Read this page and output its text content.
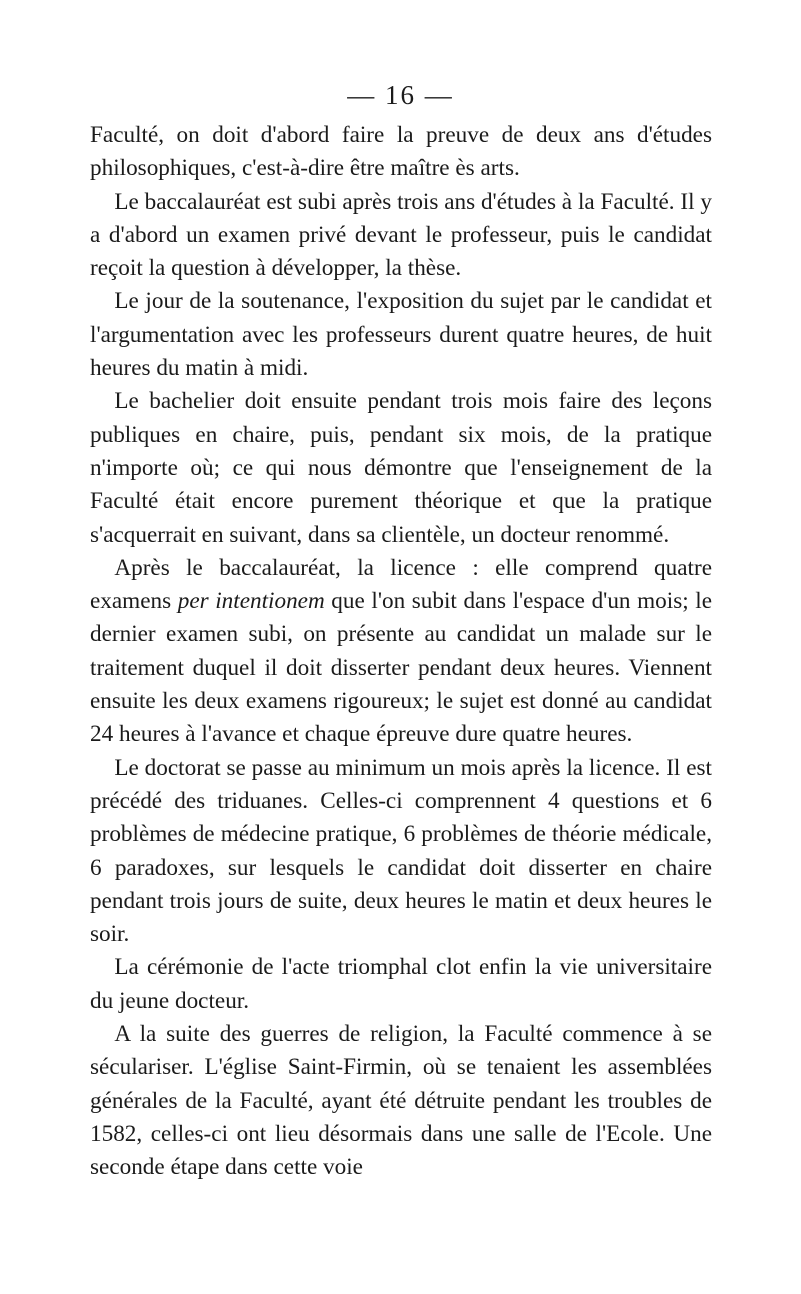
— 16 —

Faculté, on doit d'abord faire la preuve de deux ans d'études philosophiques, c'est-à-dire être maître ès arts.

Le baccalauréat est subi après trois ans d'études à la Faculté. Il y a d'abord un examen privé devant le professeur, puis le candidat reçoit la question à développer, la thèse.

Le jour de la soutenance, l'exposition du sujet par le candidat et l'argumentation avec les professeurs durent quatre heures, de huit heures du matin à midi.

Le bachelier doit ensuite pendant trois mois faire des leçons publiques en chaire, puis, pendant six mois, de la pratique n'importe où; ce qui nous démontre que l'enseignement de la Faculté était encore purement théorique et que la pratique s'acquerrait en suivant, dans sa clientèle, un docteur renommé.

Après le baccalauréat, la licence : elle comprend quatre examens per intentionem que l'on subit dans l'espace d'un mois; le dernier examen subi, on présente au candidat un malade sur le traitement duquel il doit disserter pendant deux heures. Viennent ensuite les deux examens rigoureux; le sujet est donné au candidat 24 heures à l'avance et chaque épreuve dure quatre heures.

Le doctorat se passe au minimum un mois après la licence. Il est précédé des triduanes. Celles-ci comprennent 4 questions et 6 problèmes de médecine pratique, 6 problèmes de théorie médicale, 6 paradoxes, sur lesquels le candidat doit disserter en chaire pendant trois jours de suite, deux heures le matin et deux heures le soir.

La cérémonie de l'acte triomphal clot enfin la vie universitaire du jeune docteur.

A la suite des guerres de religion, la Faculté commence à se séculariser. L'église Saint-Firmin, où se tenaient les assemblées générales de la Faculté, ayant été détruite pendant les troubles de 1582, celles-ci ont lieu désormais dans une salle de l'Ecole. Une seconde étape dans cette voie
